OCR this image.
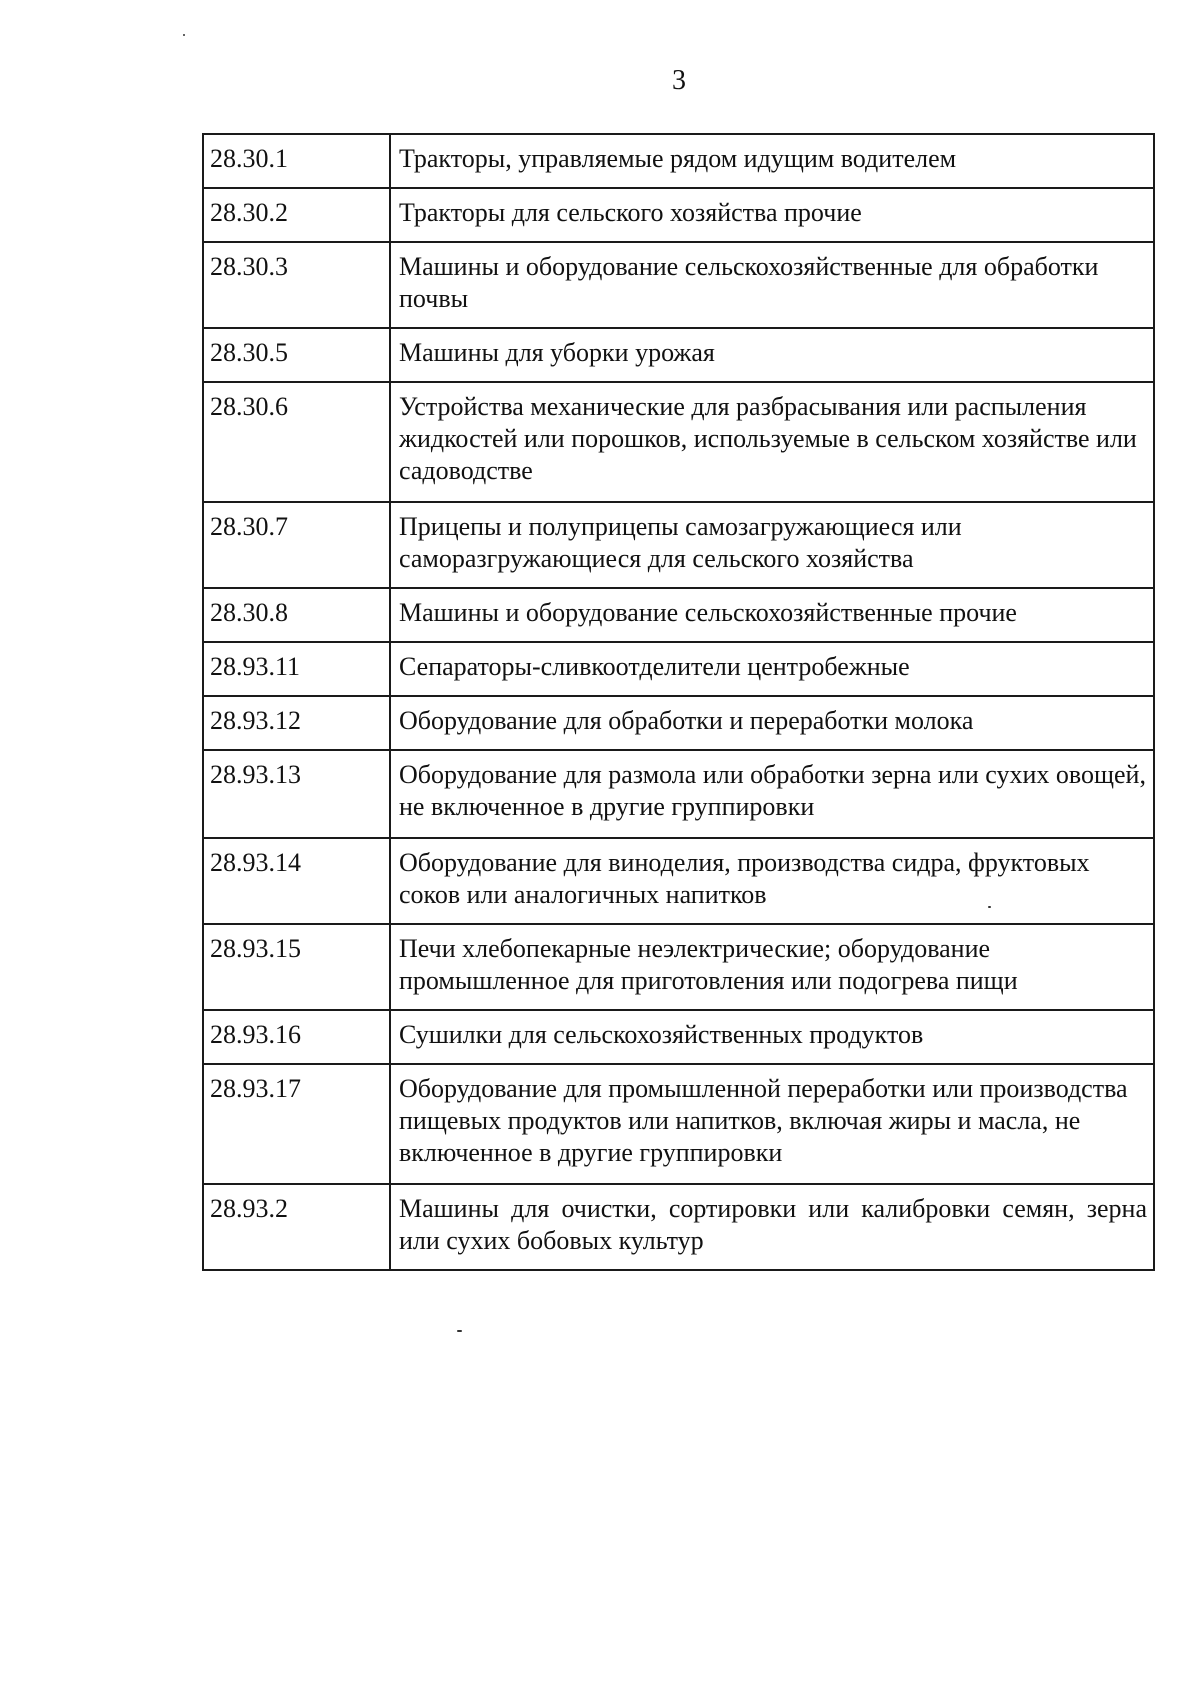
3
28.30.1	Тракторы, управляемые рядом идущим водителем
28.30.2	Тракторы для сельского хозяйства прочие
28.30.3	Машины и оборудование сельскохозяйственные для обработки почвы
28.30.5	Машины для уборки урожая
28.30.6	Устройства механические для разбрасывания или распыления жидкостей или порошков, используемые в сельском хозяйстве или садоводстве
28.30.7	Прицепы и полуприцепы самозагружающиеся или саморазгружающиеся для сельского хозяйства
28.30.8	Машины и оборудование сельскохозяйственные прочие
28.93.11	Сепараторы-сливкоотделители центробежные
28.93.12	Оборудование для обработки и переработки молока
28.93.13	Оборудование для размола или обработки зерна или сухих овощей, не включенное в другие группировки
28.93.14	Оборудование для виноделия, производства сидра, фруктовых соков или аналогичных напитков
28.93.15	Печи хлебопекарные неэлектрические; оборудование промышленное для приготовления или подогрева пищи
28.93.16	Сушилки для сельскохозяйственных продуктов
28.93.17	Оборудование для промышленной переработки или производства пищевых продуктов или напитков, включая жиры и масла, не включенное в другие группировки
28.93.2	Машины для очистки, сортировки или калибровки семян, зерна или сухих бобовых культур
